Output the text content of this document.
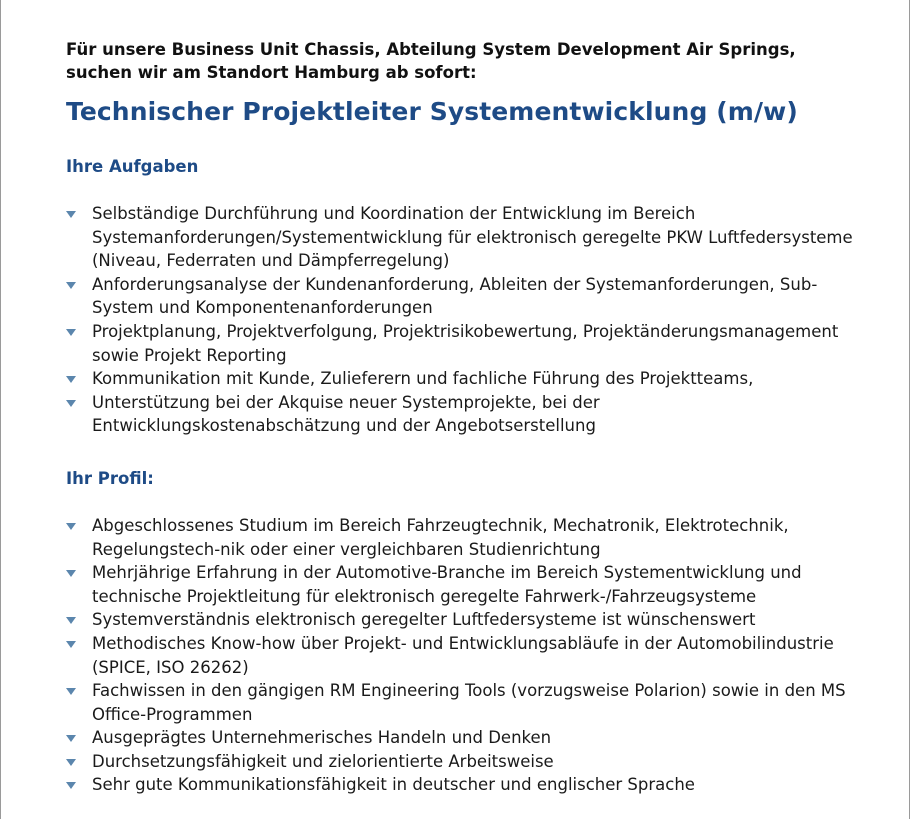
Für unsere Business Unit Chassis, Abteilung System Development Air Springs, suchen wir am Standort Hamburg ab sofort:

Technischer Projektleiter Systementwicklung (m/w)
Ihre Aufgaben
Selbständige Durchführung und Koordination der Entwicklung im Bereich Systemanforderungen/Systementwicklung für elektronisch geregelte PKW Luftfedersysteme (Niveau, Federraten und Dämpferregelung)
Anforderungsanalyse der Kundenanforderung, Ableiten der Systemanforderungen, Sub-System und Komponentenanforderungen
Projektplanung, Projektverfolgung, Projektrisikobewertung, Projektänderungsmanagement sowie Projekt Reporting
Kommunikation mit Kunde, Zulieferern und fachliche Führung des Projektteams,
Unterstützung bei der Akquise neuer Systemprojekte, bei der Entwicklungskostenabschätzung und der Angebotserstellung
Ihr Profil:
Abgeschlossenes Studium im Bereich Fahrzeugtechnik, Mechatronik, Elektrotechnik, Regelungstech-nik oder einer vergleichbaren Studienrichtung
Mehrjährige Erfahrung in der Automotive-Branche im Bereich Systementwicklung und technische Projektleitung für elektronisch geregelte Fahrwerk-/Fahrzeugsysteme
Systemverständnis elektronisch geregelter Luftfedersysteme ist wünschenswert
Methodisches Know-how über Projekt- und Entwicklungsabläufe in der Automobilindustrie (SPICE, ISO 26262)
Fachwissen in den gängigen RM Engineering Tools (vorzugsweise Polarion) sowie in den MS Office-Programmen
Ausgeprägtes Unternehmerisches Handeln und Denken
Durchsetzungsfähigkeit und zielorientierte Arbeitsweise
Sehr gute Kommunikationsfähigkeit in deutscher und englischer Sprache
